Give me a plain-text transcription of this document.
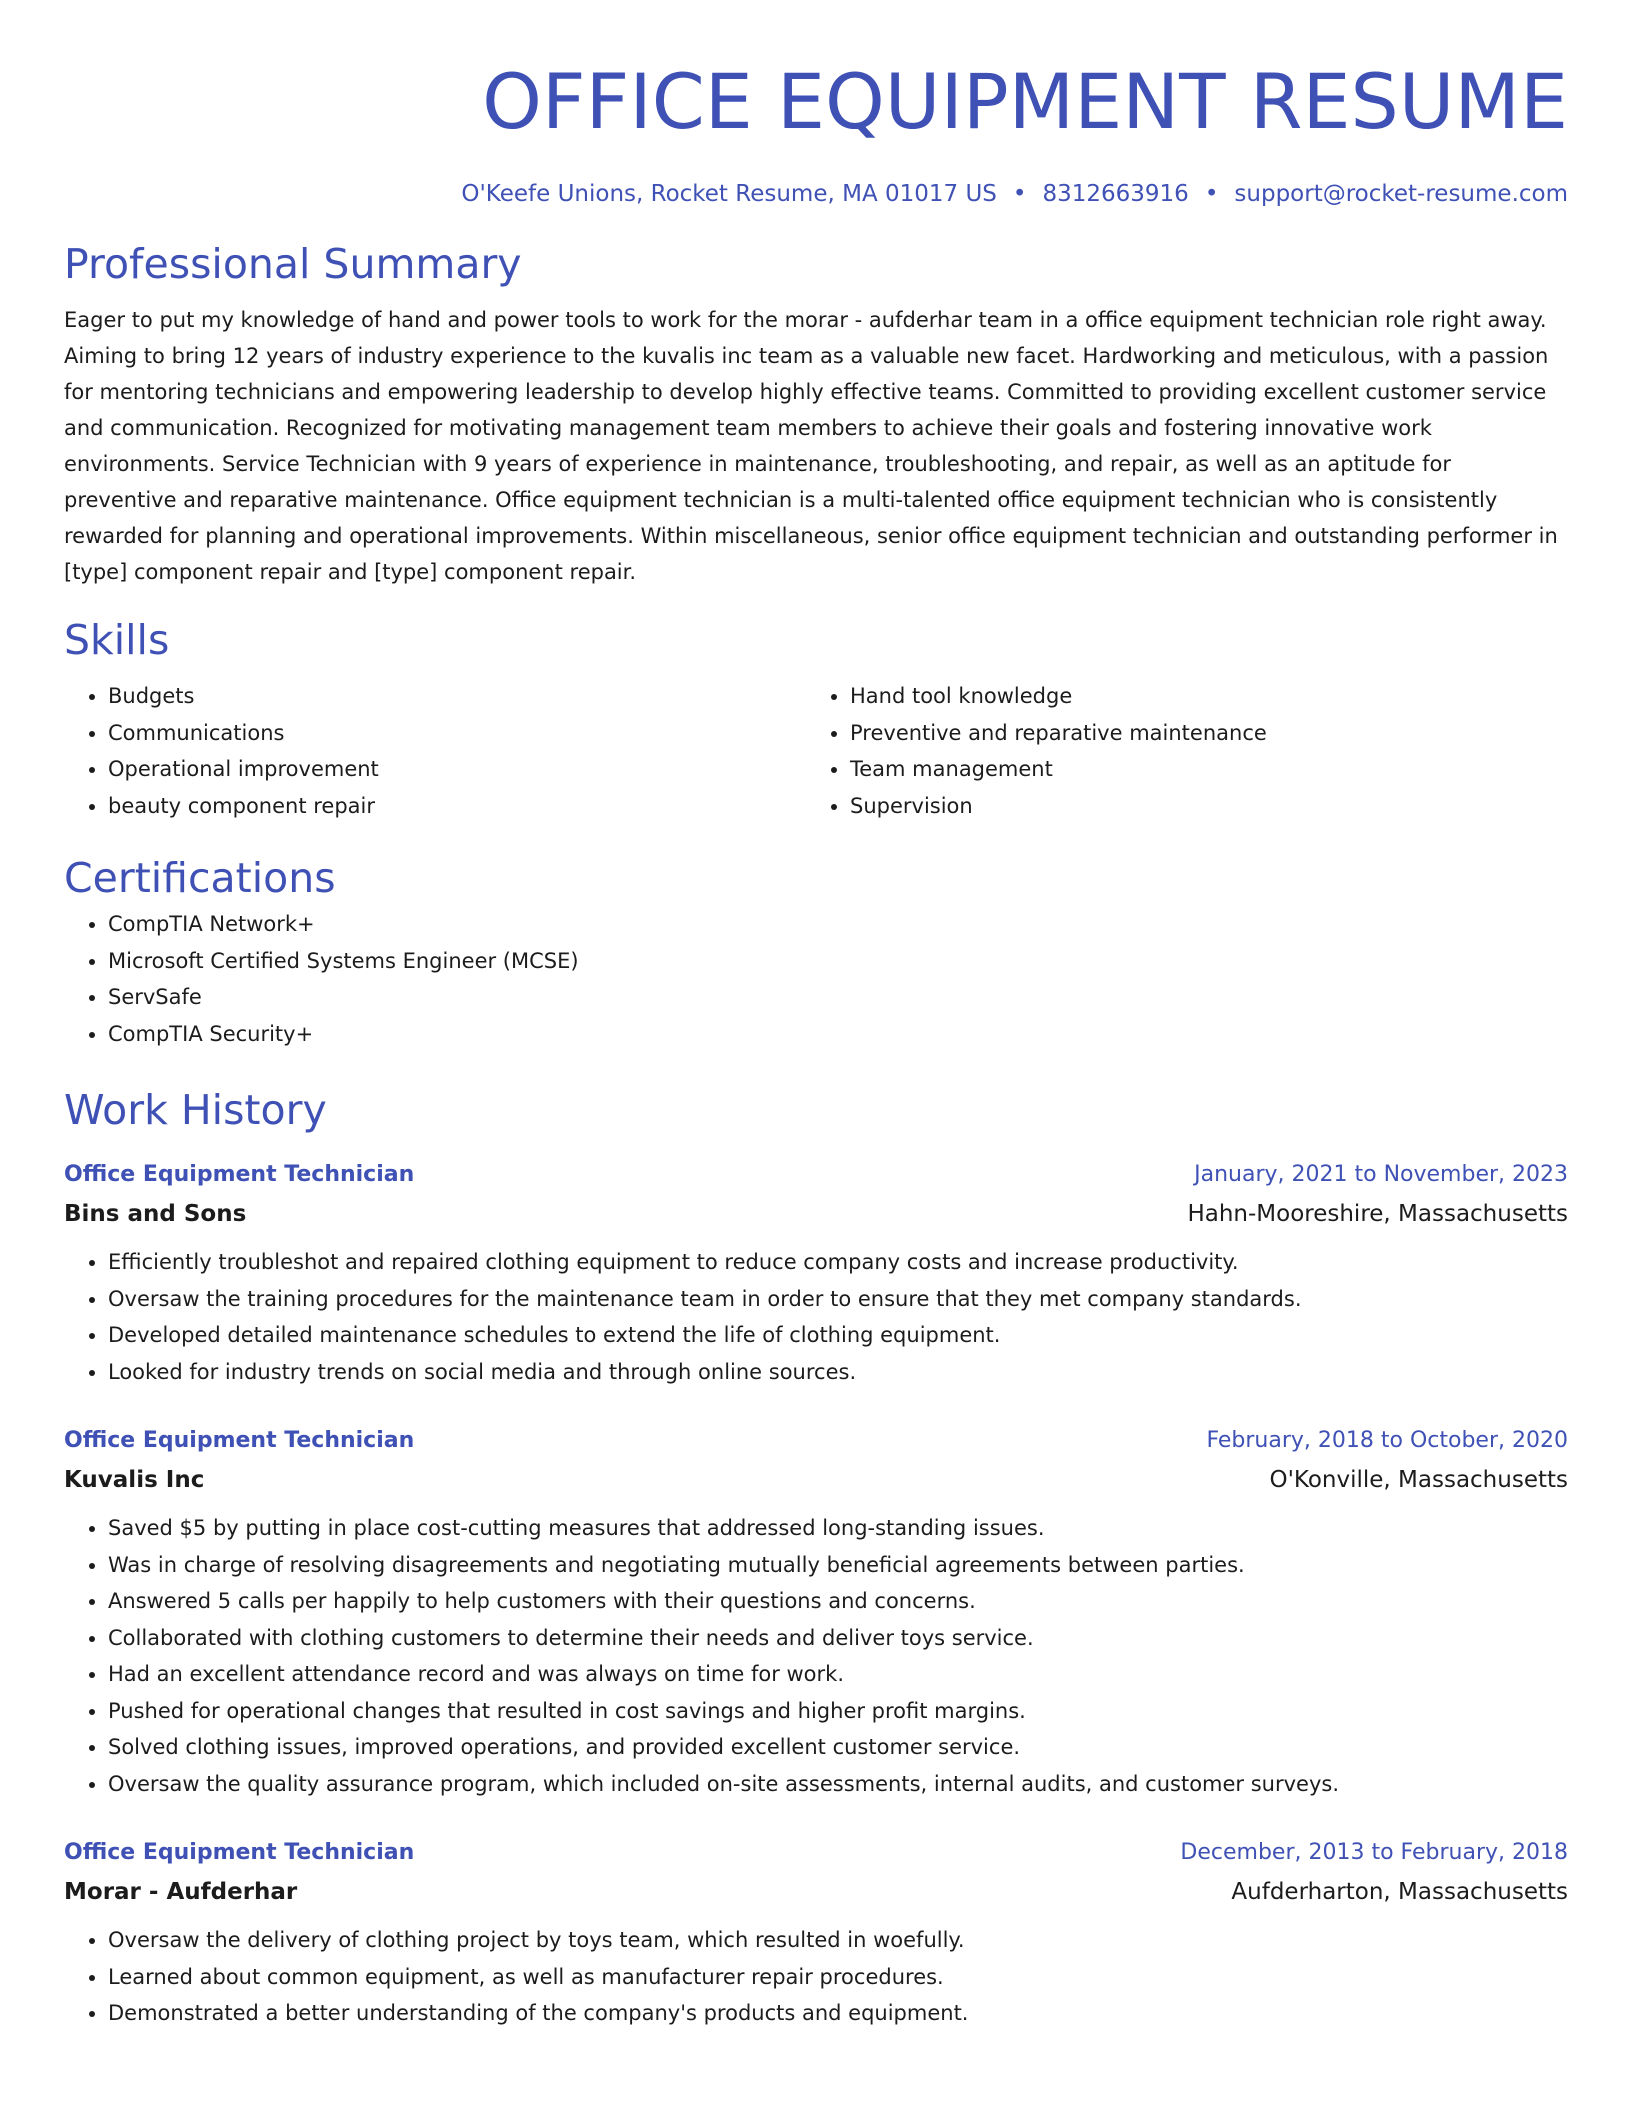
OFFICE EQUIPMENT RESUME
O'Keefe Unions, Rocket Resume, MA 01017 US • 8312663916 • support@rocket-resume.com
Professional Summary

Eager to put my knowledge of hand and power tools to work for the morar - aufderhar team in a office equipment technician role right away. Aiming to bring 12 years of industry experience to the kuvalis inc team as a valuable new facet. Hardworking and meticulous, with a passion for mentoring technicians and empowering leadership to develop highly effective teams. Committed to providing excellent customer service and communication. Recognized for motivating management team members to achieve their goals and fostering innovative work environments. Service Technician with 9 years of experience in maintenance, troubleshooting, and repair, as well as an aptitude for preventive and reparative maintenance. Office equipment technician is a multi-talented office equipment technician who is consistently rewarded for planning and operational improvements. Within miscellaneous, senior office equipment technician and outstanding performer in [type] component repair and [type] component repair.

Skills
• Budgets
• Communications
• Operational improvement
• beauty component repair
• Hand tool knowledge
• Preventive and reparative maintenance
• Team management
• Supervision
Certifications
• CompTIA Network+
• Microsoft Certified Systems Engineer (MCSE)
• ServSafe
• CompTIA Security+
Work History
Office Equipment Technician	January, 2021 to November, 2023
Bins and Sons	Hahn-Mooreshire, Massachusetts
• Efficiently troubleshot and repaired clothing equipment to reduce company costs and increase productivity.
• Oversaw the training procedures for the maintenance team in order to ensure that they met company standards.
• Developed detailed maintenance schedules to extend the life of clothing equipment.
• Looked for industry trends on social media and through online sources.
Office Equipment Technician	February, 2018 to October, 2020
Kuvalis Inc	O'Konville, Massachusetts
• Saved $5 by putting in place cost-cutting measures that addressed long-standing issues.
• Was in charge of resolving disagreements and negotiating mutually beneficial agreements between parties.
• Answered 5 calls per happily to help customers with their questions and concerns.
• Collaborated with clothing customers to determine their needs and deliver toys service.
• Had an excellent attendance record and was always on time for work.
• Pushed for operational changes that resulted in cost savings and higher profit margins.
• Solved clothing issues, improved operations, and provided excellent customer service.
• Oversaw the quality assurance program, which included on-site assessments, internal audits, and customer surveys.
Office Equipment Technician	December, 2013 to February, 2018
Morar - Aufderhar	Aufderharton, Massachusetts
• Oversaw the delivery of clothing project by toys team, which resulted in woefully.
• Learned about common equipment, as well as manufacturer repair procedures.
• Demonstrated a better understanding of the company's products and equipment.
